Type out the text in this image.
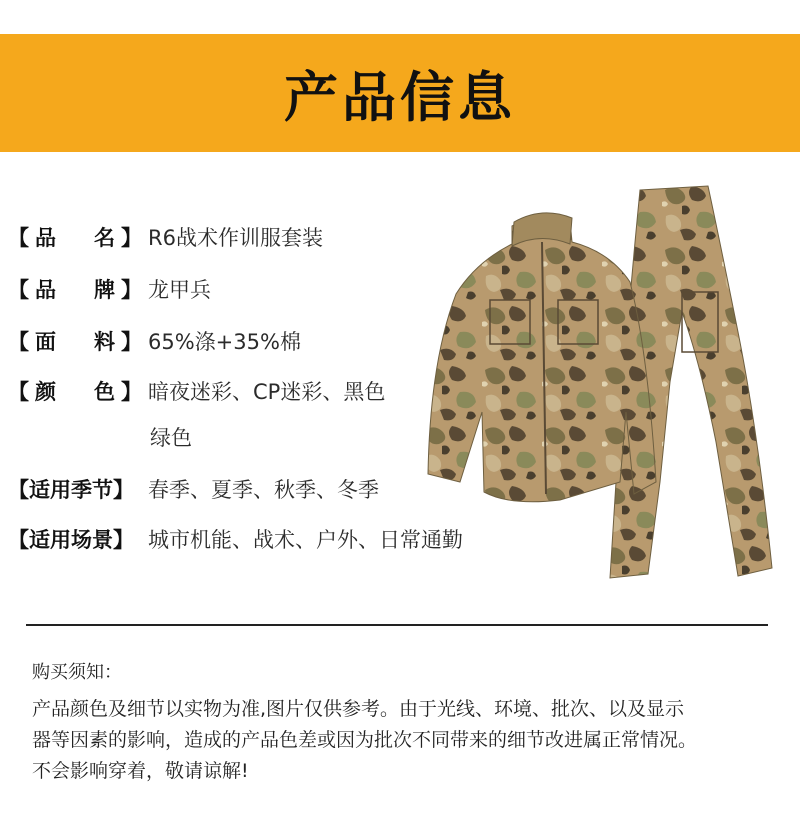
产品信息
【 品 名 】 R6战术作训服套装
【 品 牌 】 龙甲兵
【 面 料 】 65%涤+35%棉
【 颜 色 】 暗夜迷彩、CP迷彩、黑色
绿色
【适用季节】 春季、夏季、秋季、冬季
【适用场景】 城市机能、战术、户外、日常通勤
购买须知：
产品颜色及细节以实物为准,图片仅供参考。由于光线、环境、批次、以及显示
器等因素的影响，造成的产品色差或因为批次不同带来的细节改进属正常情况。
不会影响穿着，敬请谅解!
